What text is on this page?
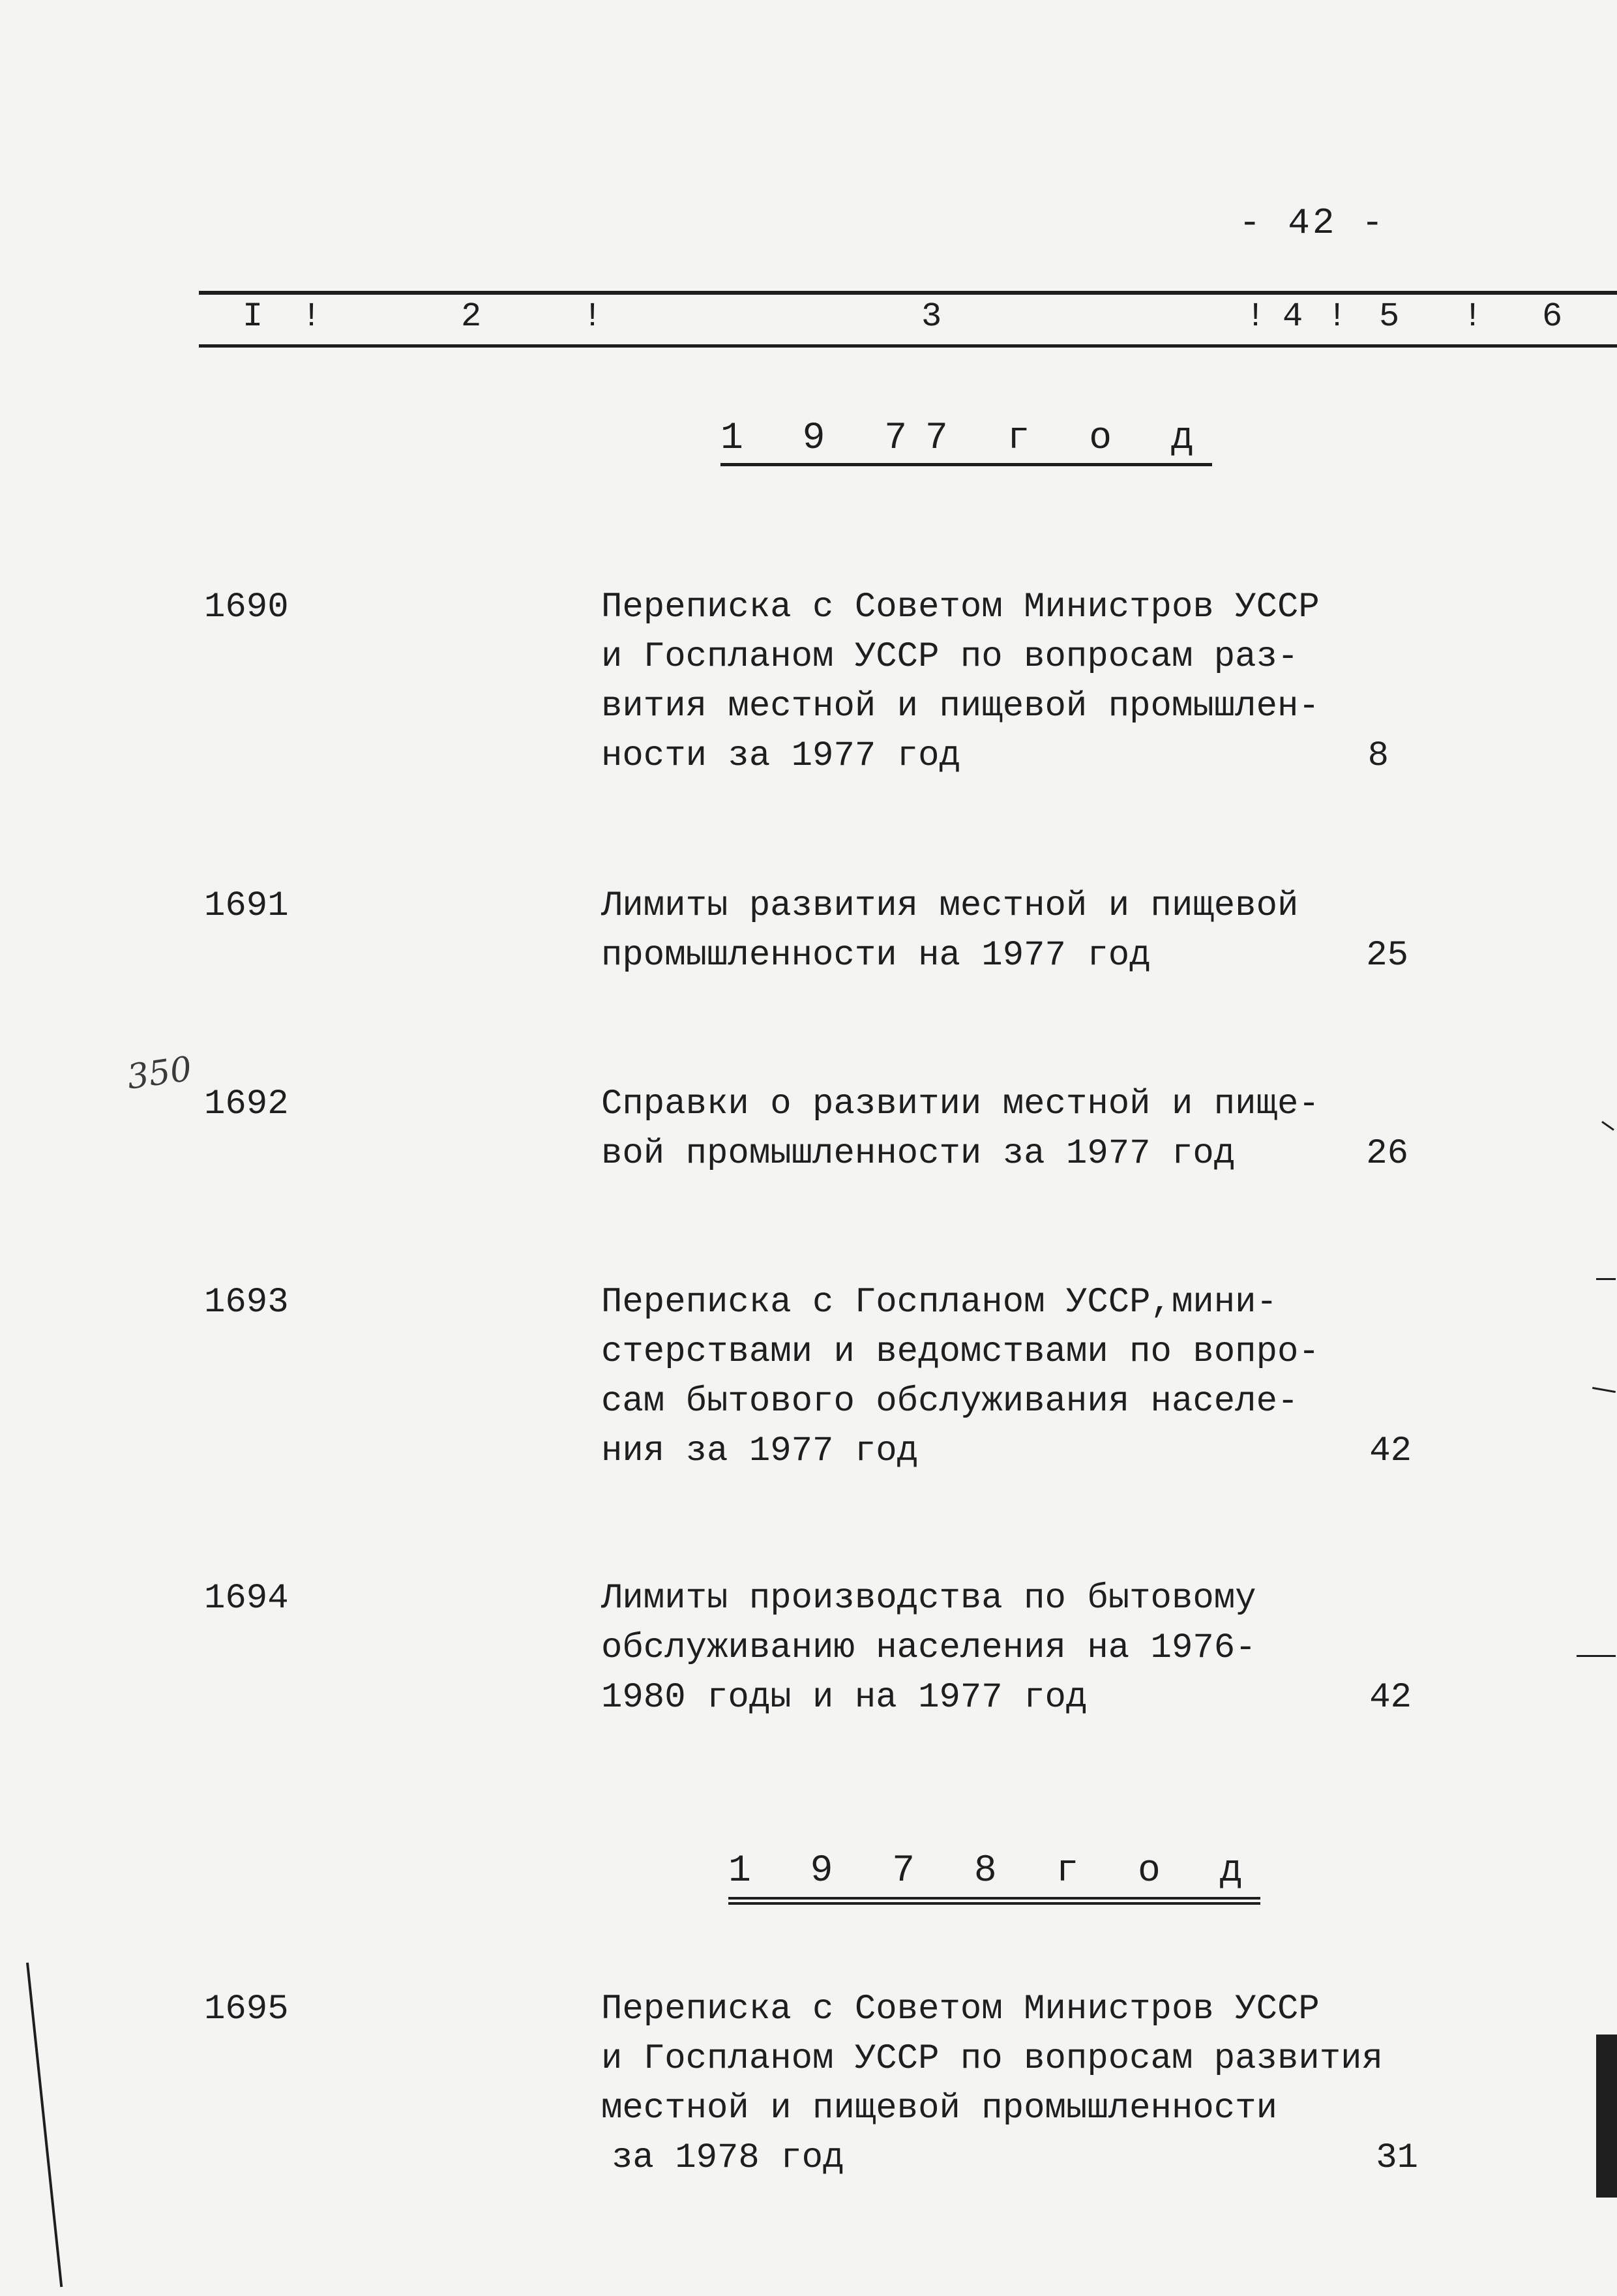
- 42 -
I !	2	!	3	! 4 ! 5 ! 6
1 9 77 г о д
1690	Переписка с Советом Министров УССР
и Госпланом УССР по вопросам раз-
вития местной и пищевой промышлен-
ности за 1977 год	8
1691	Лимиты развития местной и пищевой
промышленности на 1977 год	25
350
1692	Справки о развитии местной и пище-
вой промышленности за 1977 год	26
1693	Переписка с Госпланом УССР,мини-
стерствами и ведомствами по вопро-
сам бытового обслуживания населе-
ния за 1977 год	42
1694	Лимиты производства по бытовому
обслуживанию населения на 1976-
1980 годы и на 1977 год	42
1 9 7 8 г о д
1695	Переписка с Советом Министров УССР
и Госпланом УССР по вопросам развития
местной и пищевой промышленности
за 1978 год	31
